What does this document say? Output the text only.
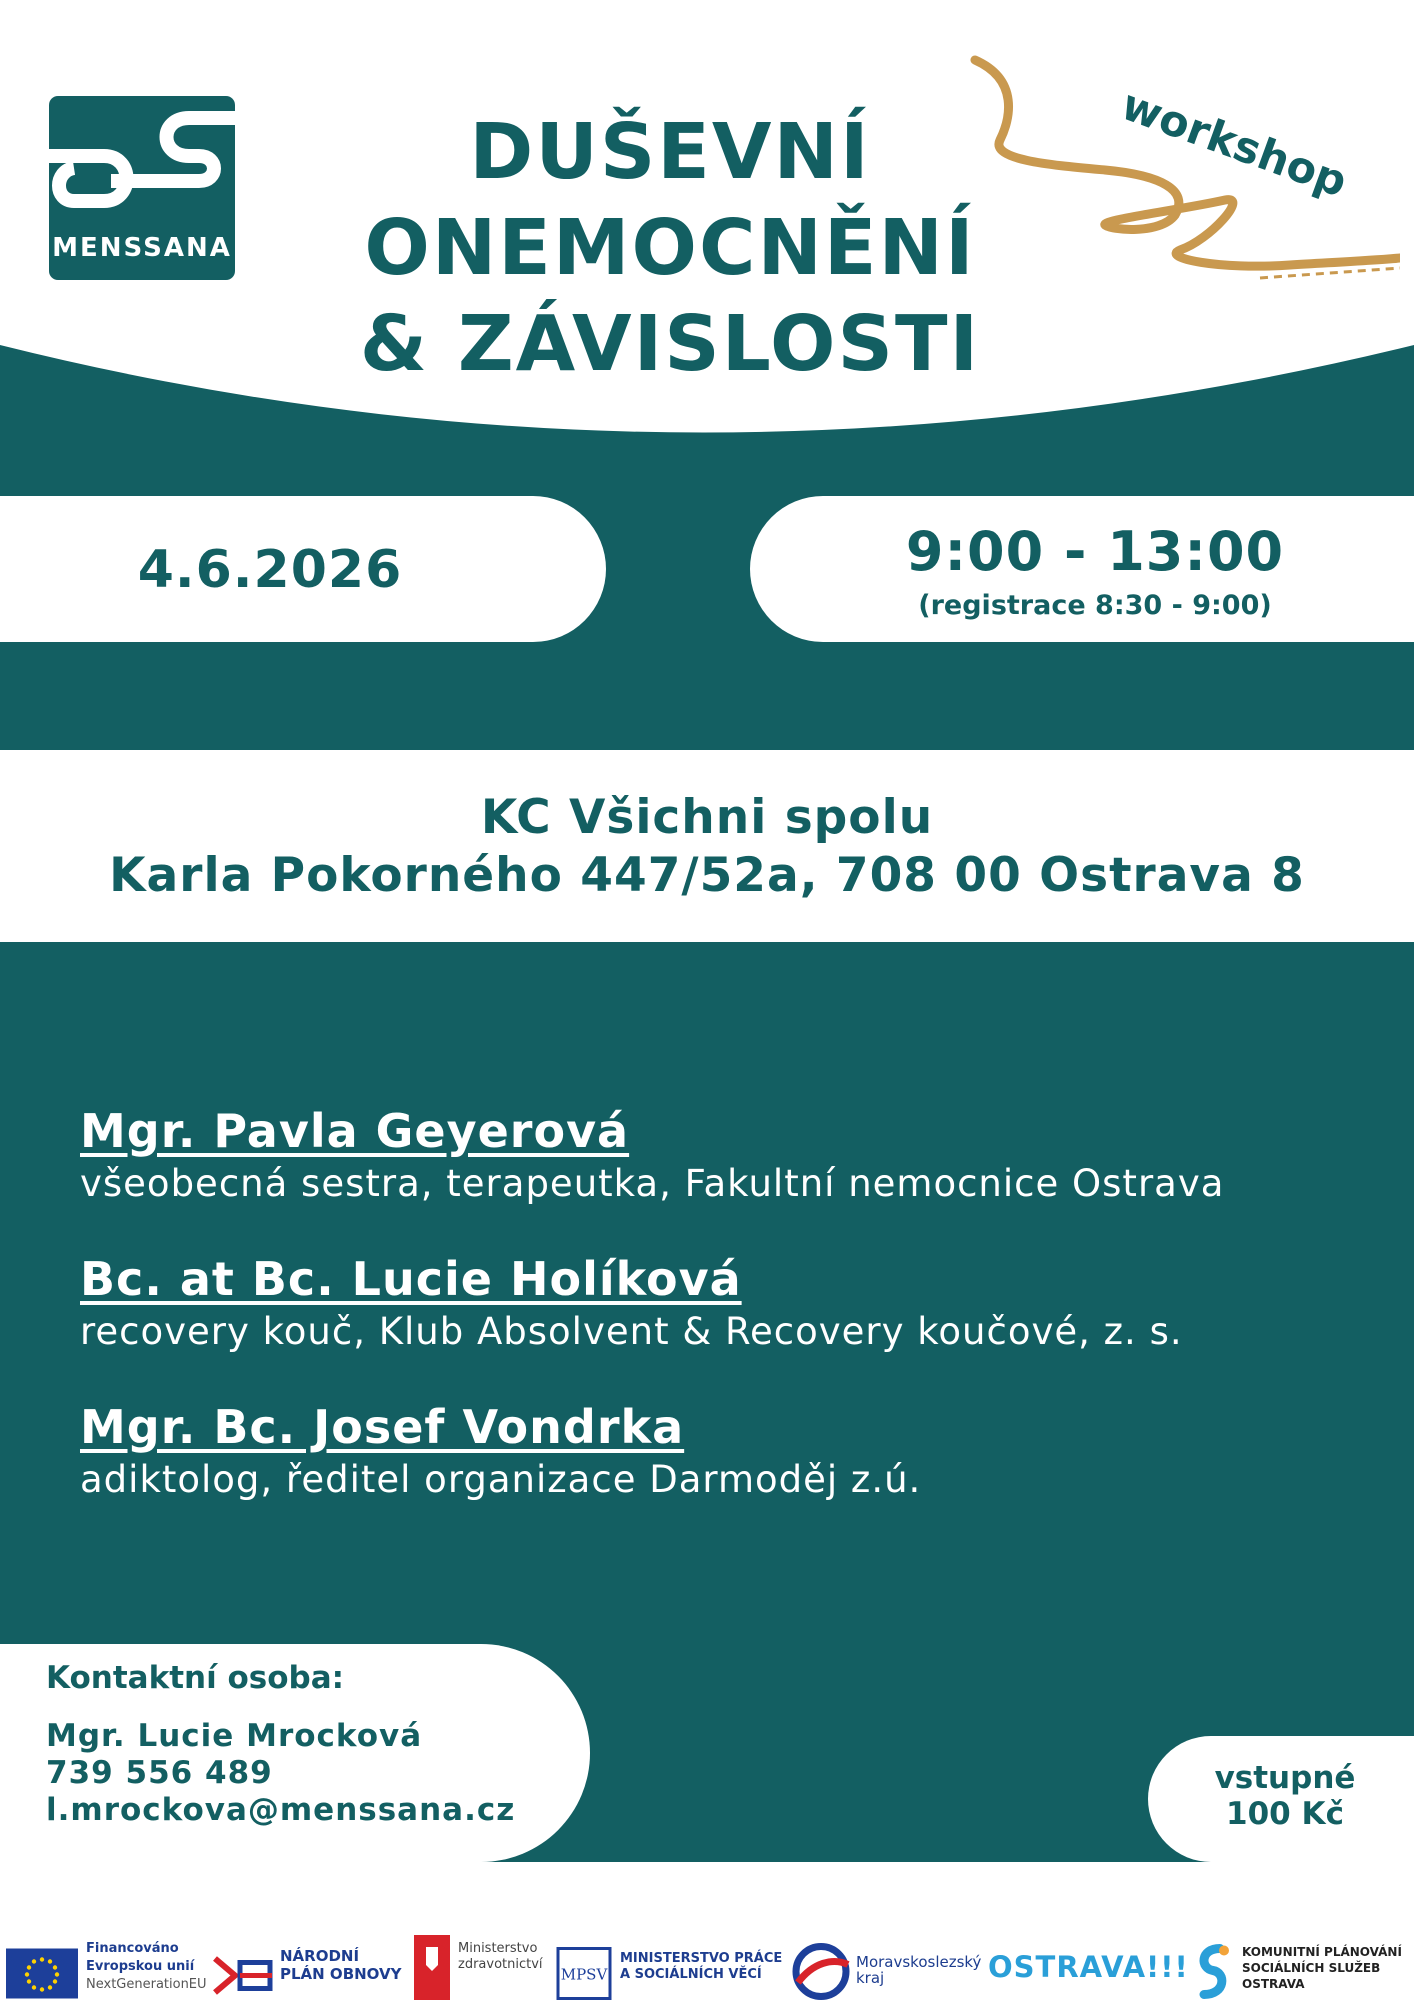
MENSSANA
DUŠEVNÍ
ONEMOCNĚNÍ
& ZÁVISLOSTI
workshop
4.6.2026	9:00 - 13:00
(registrace 8:30 - 9:00)
KC Všichni spolu
Karla Pokorného 447/52a, 708 00 Ostrava 8
Mgr. Pavla Geyerová
všeobecná sestra, terapeutka, Fakultní nemocnice Ostrava
Bc. at Bc. Lucie Holíková
recovery kouč, Klub Absolvent & Recovery koučové, z. s.
Mgr. Bc. Josef Vondrka
adiktolog, ředitel organizace Darmoděj z.ú.
Kontaktní osoba:
Mgr. Lucie Mrocková
739 556 489
l.mrockova@menssana.cz
vstupné
100 Kč
Financováno
Evropskou unií
NextGenerationEU
NÁRODNÍ
PLÁN OBNOVY
Ministerstvo
zdravotnictví
MPSV
MINISTERSTVO PRÁCE
A SOCIÁLNÍCH VĚCÍ
Moravskoslezský
kraj	OSTRAVA!!!	KOMUNITNÍ PLÁNOVÁNÍ
SOCIÁLNÍCH SLUŽEB
OSTRAVA
